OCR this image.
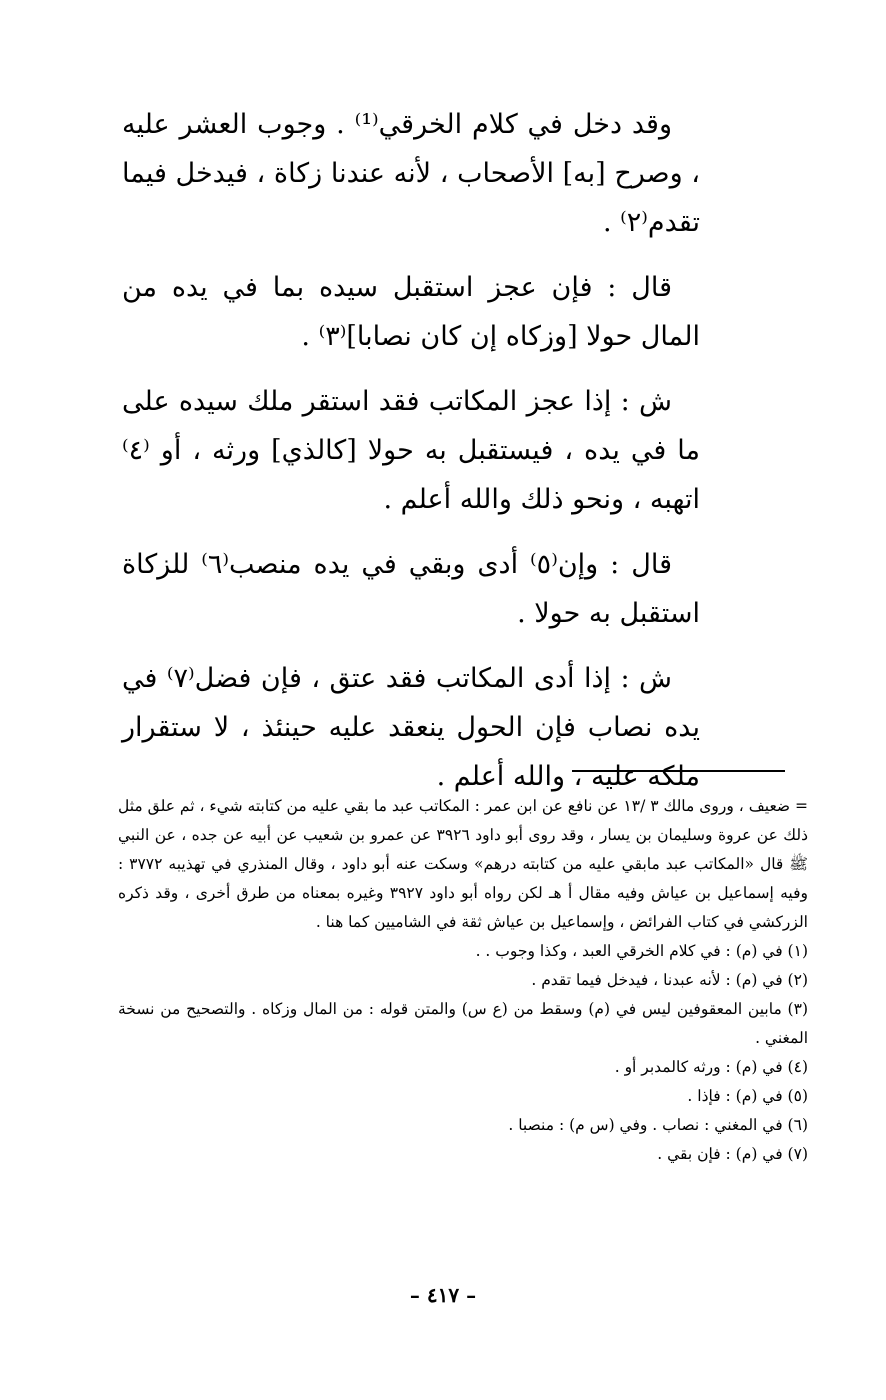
وقد دخل في كلام الخرقي⁽¹⁾ . وجوب العشر عليه ، وصرح [به] الأصحاب ، لأنه عندنا زكاة ، فيدخل فيما تقدم⁽٢⁾ .

قال : فإن عجز استقبل سيده بما في يده من المال حولا [وزكاه إن كان نصابا]⁽٣⁾ .

ش : إذا عجز المكاتب فقد استقر ملك سيده على ما في يده ، فيستقبل به حولا [كالذي] ورثه ، أو ⁽٤⁾ اتهبه ، ونحو ذلك والله أعلم .

قال : وإن⁽٥⁾ أدى وبقي في يده منصب⁽٦⁾ للزكاة استقبل به حولا .

ش : إذا أدى المكاتب فقد عتق ، فإن فضل⁽٧⁾ في يده نصاب فإن الحول ينعقد عليه حينئذ ، لا ستقرار ملكه عليه ، والله أعلم .

= ضعيف ، وروى مالك ٣ /١٣ عن نافع عن ابن عمر : المكاتب عبد ما بقي عليه من كتابته شيء ، ثم علق مثل ذلك عن عروة وسليمان بن يسار ، وقد روى أبو داود ٣٩٢٦ عن عمرو بن شعيب عن أبيه عن جده ، عن النبي ﷺ قال «المكاتب عبد مابقي عليه من كتابته درهم» وسكت عنه أبو داود ، وقال المنذري في تهذيبه ٣٧٧٢ : وفيه إسماعيل بن عياش وفيه مقال أ هـ لكن رواه أبو داود ٣٩٢٧ وغيره بمعناه من طرق أخرى ، وقد ذكره الزركشي في كتاب الفرائض ، وإسماعيل بن عياش ثقة في الشاميين كما هنا .

(١) في (م) : في كلام الخرقي العبد ، وكذا وجوب . .

(٢) في (م) : لأنه عبدنا ، فيدخل فيما تقدم .

(٣) مابين المعقوفين ليس في (م) وسقط من (ع س) والمتن قوله : من المال وزكاه . والتصحيح من نسخة المغني .

(٤) في (م) : ورثه كالمدبر أو .

(٥) في (م) : فإذا .

(٦) في المغني : نصاب . وفي (س م) : منصبا .

(٧) في (م) : فإن بقي .

– ٤١٧ –
